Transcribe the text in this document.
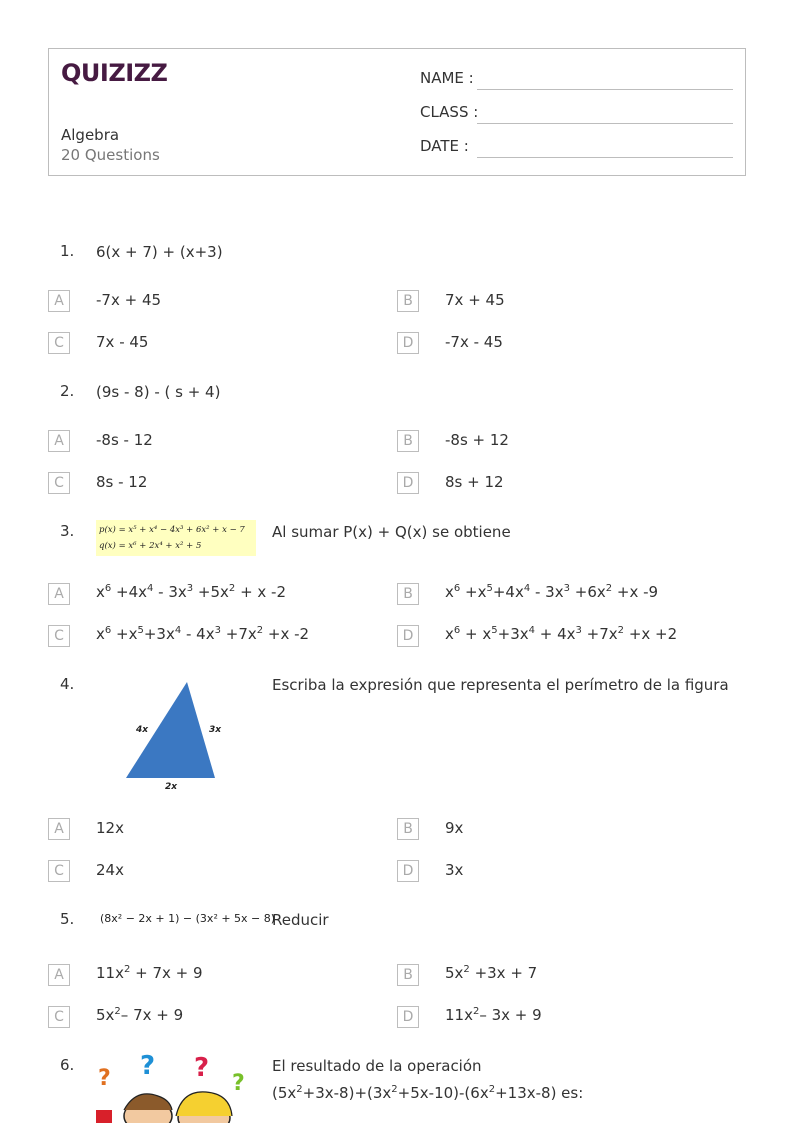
QUIZIZZ
Algebra
20 Questions
NAME :
CLASS :
DATE :
1. 6(x + 7) + (x+3)
A	-7x + 45	B	7x + 45
C	7x - 45	D	-7x - 45
2. (9s - 8) - ( s + 4)
A	-8s - 12	B	-8s + 12
C	8s - 12	D	8s + 12
3.	p(x) = x⁵ + x⁴ − 4x³ + 6x² + x − 7
q(x) = x⁶ + 2x⁴ + x² + 5
Al sumar P(x) + Q(x) se obtiene
A	$x^6 +4x^4 - 3x^3 +5x^2 + x$ -2	B	$x^6 +x^5+4x^4 - 3x^3 +6x^2 +x$ -9
C	$x^6 +x^5+3x^4 - 4x^3 +7x^2 +x$ -2	D	$x^6 + x^5+3x^4 + 4x^3 +7x^2 +x +2$
4.
4x	3x
2x
Escriba la expresión que representa el perímetro de la figura
A	12x	B	9x
C	24x	D	3x
5. (8x² − 2x + 1) − (3x² + 5x − 8)
Reducir
A	$11x^2 + 7x + 9$	B	$5x^2 +3x + 7$
C	$5x^2-$ 7x + 9	D	$11x^2-$ 3x + 9
6.
? ? ?
?
El resultado de la operación
$(5x^2+3x-8)+(3x^2+5x-10)-(6x^2+13x-8)$ es:
